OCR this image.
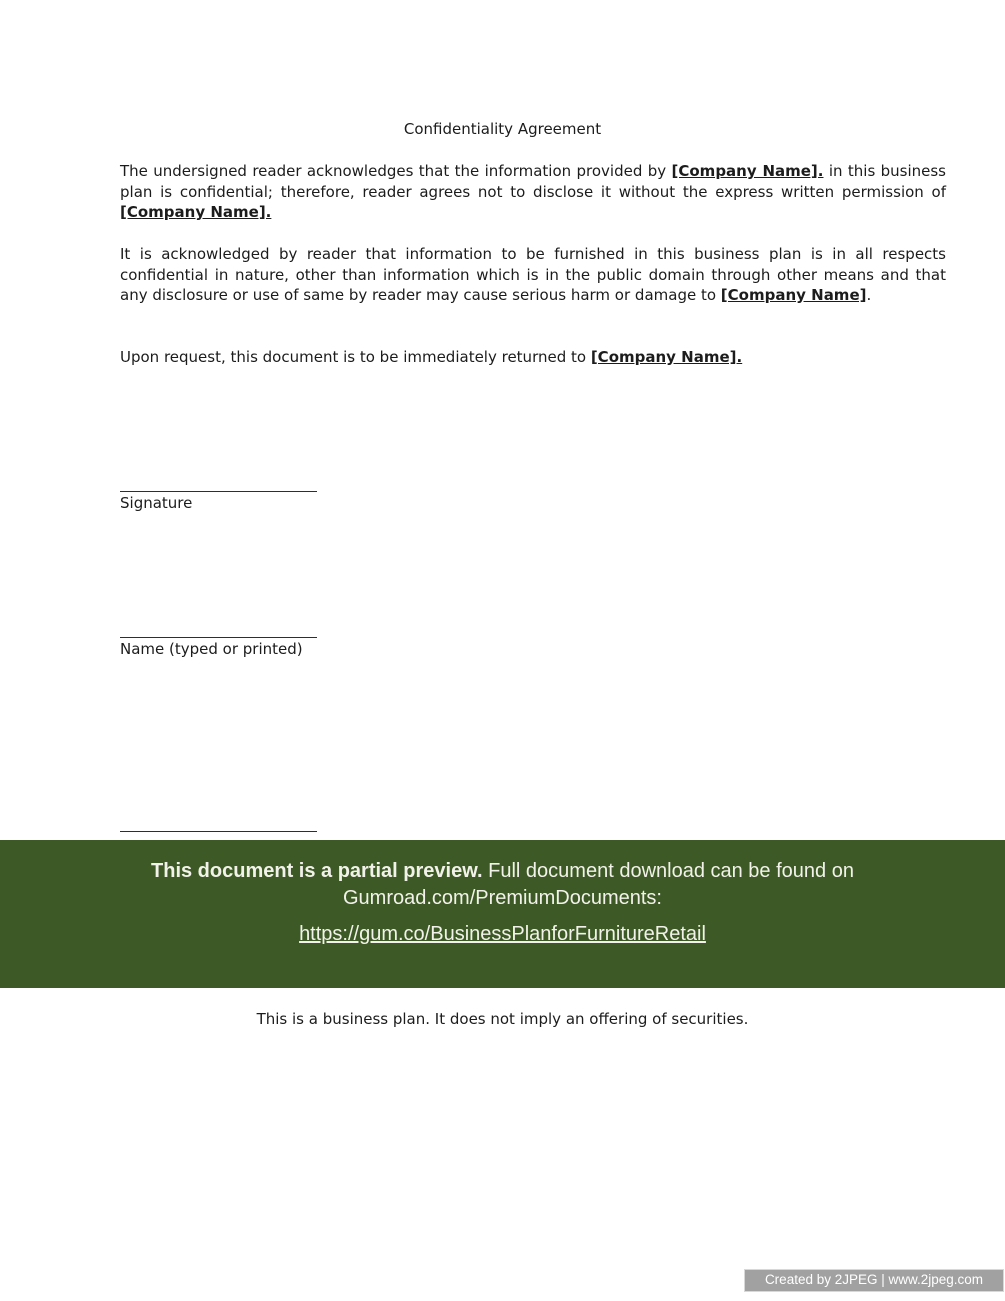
Confidentiality Agreement

The undersigned reader acknowledges that the information provided by [Company Name]. in this business plan is confidential; therefore, reader agrees not to disclose it without the express written permission of [Company Name].

It is acknowledged by reader that information to be furnished in this business plan is in all respects confidential in nature, other than information which is in the public domain through other means and that any disclosure or use of same by reader may cause serious harm or damage to [Company Name].

Upon request, this document is to be immediately returned to [Company Name].

Signature
Name (typed or printed)
This document is a partial preview. Full document download can be found on Gumroad.com/PremiumDocuments:
https://gum.co/BusinessPlanforFurnitureRetail
This is a business plan. It does not imply an offering of securities.
Created by 2JPEG | www.2jpeg.com
